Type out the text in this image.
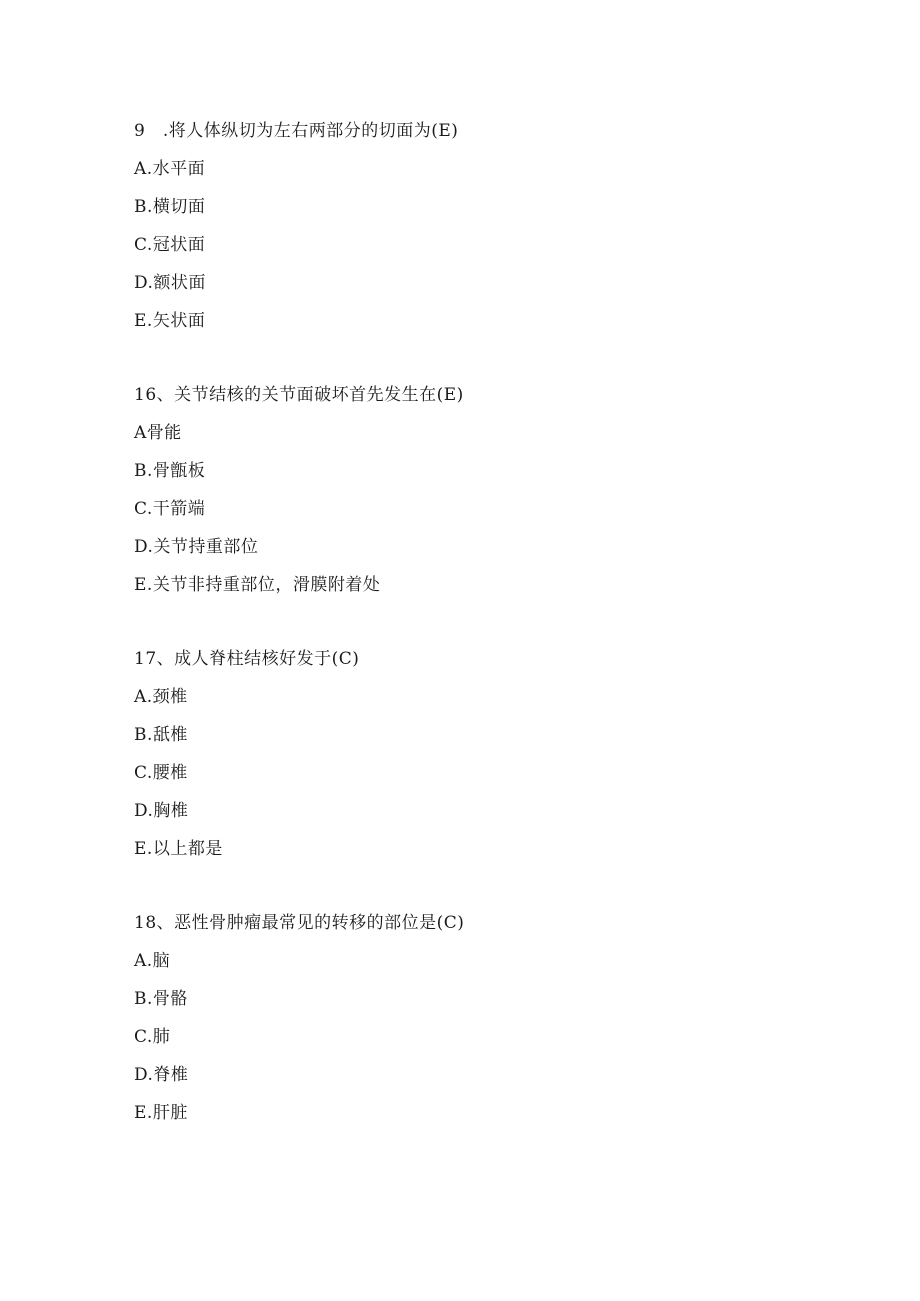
9　.将人体纵切为左右两部分的切面为(E)
A.水平面
B.横切面
C.冠状面
D.额状面
E.矢状面
16、关节结核的关节面破坏首先发生在(E)
A骨能
B.骨甑板
C.干箭端
D.关节持重部位
E.关节非持重部位，滑膜附着处
17、成人脊柱结核好发于(C)
A.颈椎
B.舐椎
C.腰椎
D.胸椎
E.以上都是
18、恶性骨肿瘤最常见的转移的部位是(C)
A.脑
B.骨骼
C.肺
D.脊椎
E.肝脏
